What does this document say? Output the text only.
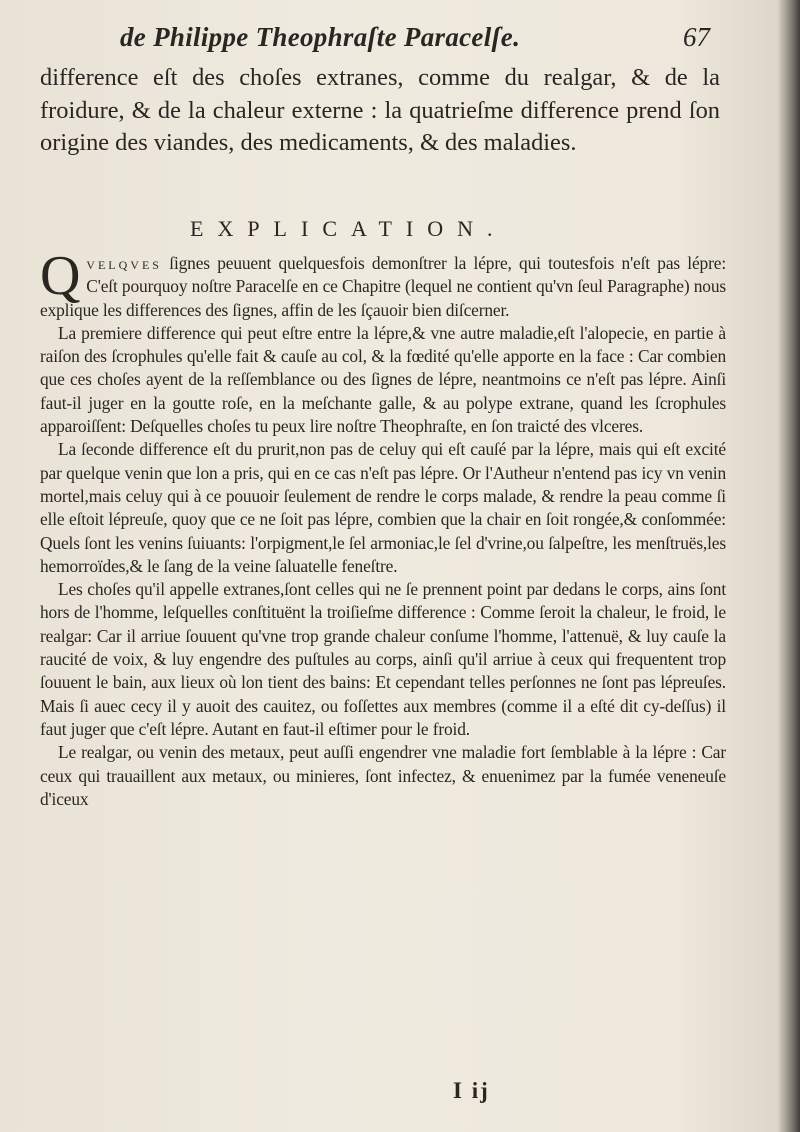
de Philippe Theophraſte Paracelſe.	67

difference eſt des choſes extranes, comme du realgar, & de la froidure, & de la chaleur externe : la quatrieſme difference prend ſon origine des viandes, des medicaments, & des maladies.

EXPLICATION.

Qvelqves ſignes peuuent quelquesfois demonſtrer la lépre, qui toutesfois n'eſt pas lépre: C'eſt pourquoy noſtre Paracelſe en ce Chapitre (lequel ne contient qu'vn ſeul Paragraphe) nous explique les differences des ſignes, affin de les ſçauoir bien diſcerner.

La premiere difference qui peut eſtre entre la lépre,& vne autre maladie,eſt l'alopecie, en partie à raiſon des ſcrophules qu'elle fait & cauſe au col, & la fœdité qu'elle apporte en la face : Car combien que ces choſes ayent de la reſſemblance ou des ſignes de lépre, neantmoins ce n'eſt pas lépre. Ainſi faut-il juger en la goutte roſe, en la meſchante galle, & au polype extrane, quand les ſcrophules apparoiſſent: Deſquelles choſes tu peux lire noſtre Theophraſte, en ſon traicté des vlceres.

La ſeconde difference eſt du prurit,non pas de celuy qui eſt cauſé par la lépre, mais qui eſt excité par quelque venin que lon a pris, qui en ce cas n'eſt pas lépre. Or l'Autheur n'entend pas icy vn venin mortel,mais celuy qui à ce pouuoir ſeulement de rendre le corps malade, & rendre la peau comme ſi elle eſtoit lépreuſe, quoy que ce ne ſoit pas lépre, combien que la chair en ſoit rongée,& conſommée: Quels ſont les venins ſuiuants: l'orpigment,le ſel armoniac,le ſel d'vrine,ou ſalpeſtre, les menſtruës,les hemorroïdes,& le ſang de la veine ſaluatelle feneſtre.

Les choſes qu'il appelle extranes,ſont celles qui ne ſe prennent point par dedans le corps, ains ſont hors de l'homme, leſquelles conſtituënt la troiſieſme difference : Comme ſeroit la chaleur, le froid, le realgar: Car il arriue ſouuent qu'vne trop grande chaleur conſume l'homme, l'attenuë, & luy cauſe la raucité de voix, & luy engendre des puſtules au corps, ainſi qu'il arriue à ceux qui frequentent trop ſouuent le bain, aux lieux où lon tient des bains: Et cependant telles perſonnes ne ſont pas lépreuſes. Mais ſi auec cecy il y auoit des cauitez, ou foſſettes aux membres (comme il a eſté dit cy-deſſus) il faut juger que c'eſt lépre. Autant en faut-il eſtimer pour le froid.

Le realgar, ou venin des metaux, peut auſſi engendrer vne maladie fort ſemblable à la lépre : Car ceux qui trauaillent aux metaux, ou minieres, ſont infectez, & enuenimez par la fumée veneneuſe d'iceux

I ij
